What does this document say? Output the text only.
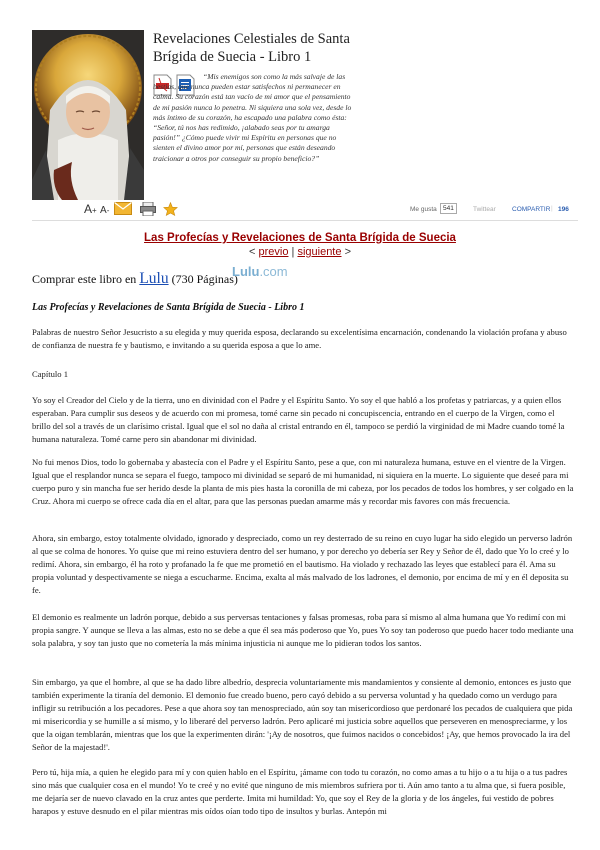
Revelaciones Celestiales de Santa Brígida de Suecia - Libro 1
“Mis enemigos son como la más salvaje de las bestias, que nunca pueden estar satisfechos ni permanecer en calma. Su corazón está tan vacío de mi amor que el pensamiento de mi pasión nunca lo penetra. Ni siquiera una sola vez, desde lo más íntimo de su corazón, ha escapado una palabra como ésta: “Señor, tú nos has redimido, ¡alabado seas por tu amarga pasión!” ¿Cómo puede vivir mi Espíritu en personas que no sienten el divino amor por mí, personas que están deseando traicionar a otros por conseguir su propio beneficio?”
A+ A-	Me gusta 541	Twittear COMPARTIR | 196
Las Profecías y Revelaciones de Santa Brígida de Suecia
< previo | siguiente >
Comprar este libro en Lulu (730 Páginas)
Lulu.com
Las Profecías y Revelaciones de Santa Brígida de Suecia - Libro 1
Palabras de nuestro Señor Jesucristo a su elegida y muy querida esposa, declarando su excelentísima encarnación, condenando la violación profana y abuso de confianza de nuestra fe y bautismo, e invitando a su querida esposa a que lo ame.
Capítulo 1
Yo soy el Creador del Cielo y de la tierra, uno en divinidad con el Padre y el Espíritu Santo. Yo soy el que habló a los profetas y patriarcas, y a quien ellos esperaban. Para cumplir sus deseos y de acuerdo con mi promesa, tomé carne sin pecado ni concupiscencia, entrando en el cuerpo de la Virgen, como el brillo del sol a través de un clarísimo cristal. Igual que el sol no daña al cristal entrando en él, tampoco se perdió la virginidad de mi Madre cuando tomé la humana naturaleza. Tomé carne pero sin abandonar mi divinidad.
No fui menos Dios, todo lo gobernaba y abastecía con el Padre y el Espíritu Santo, pese a que, con mi naturaleza humana, estuve en el vientre de la Virgen. Igual que el resplandor nunca se separa el fuego, tampoco mi divinidad se separó de mi humanidad, ni siquiera en la muerte. Lo siguiente que deseé para mi cuerpo puro y sin mancha fue ser herido desde la planta de mis pies hasta la coronilla de mi cabeza, por los pecados de todos los hombres, y ser colgado en la Cruz. Ahora mi cuerpo se ofrece cada día en el altar, para que las personas puedan amarme más y recordar mis favores con más frecuencia.
Ahora, sin embargo, estoy totalmente olvidado, ignorado y despreciado, como un rey desterrado de su reino en cuyo lugar ha sido elegido un perverso ladrón al que se colma de honores. Yo quise que mi reino estuviera dentro del ser humano, y por derecho yo debería ser Rey y Señor de él, dado que Yo lo creé y lo redimí. Ahora, sin embargo, él ha roto y profanado la fe que me prometió en el bautismo. Ha violado y rechazado las leyes que establecí para él. Ama su propia voluntad y despectivamente se niega a escucharme. Encima, exalta al más malvado de los ladrones, el demonio, por encima de mí y en él deposita su fe.
El demonio es realmente un ladrón porque, debido a sus perversas tentaciones y falsas promesas, roba para sí mismo al alma humana que Yo redimí con mi propia sangre. Y aunque se lleva a las almas, esto no se debe a que él sea más poderoso que Yo, pues Yo soy tan poderoso que puedo hacer todo mediante una sola palabra, y soy tan justo que no cometería la más mínima injusticia ni aunque me lo pidieran todos los santos.
Sin embargo, ya que el hombre, al que se ha dado libre albedrío, desprecia voluntariamente mis mandamientos y consiente al demonio, entonces es justo que también experimente la tiranía del demonio. El demonio fue creado bueno, pero cayó debido a su perversa voluntad y ha quedado como un verdugo para infligir su retribución a los pecadores. Pese a que ahora soy tan menospreciado, aún soy tan misericordioso que perdonaré los pecados de cualquiera que pida mi misericordia y se humille a sí mismo, y lo liberaré del perverso ladrón. Pero aplicaré mi justicia sobre aquellos que perseveren en menospreciarme, y los que la oigan temblarán, mientras que los que la experimenten dirán: '¡Ay de nosotros, que fuimos nacidos o concebidos! ¡Ay, que hemos provocado la ira del Señor de la majestad!'.
Pero tú, hija mía, a quien he elegido para mí y con quien hablo en el Espíritu, ¡ámame con todo tu corazón, no como amas a tu hijo o a tu hija o a tus padres sino más que cualquier cosa en el mundo! Yo te creé y no evité que ninguno de mis miembros sufriera por ti. Aún amo tanto a tu alma que, si fuera posible, me dejaría ser de nuevo clavado en la cruz antes que perderte. Imita mi humildad: Yo, que soy el Rey de la gloria y de los ángeles, fui vestido de pobres harapos y estuve desnudo en el pilar mientras mis oídos oían todo tipo de insultos y burlas. Antepón mi
